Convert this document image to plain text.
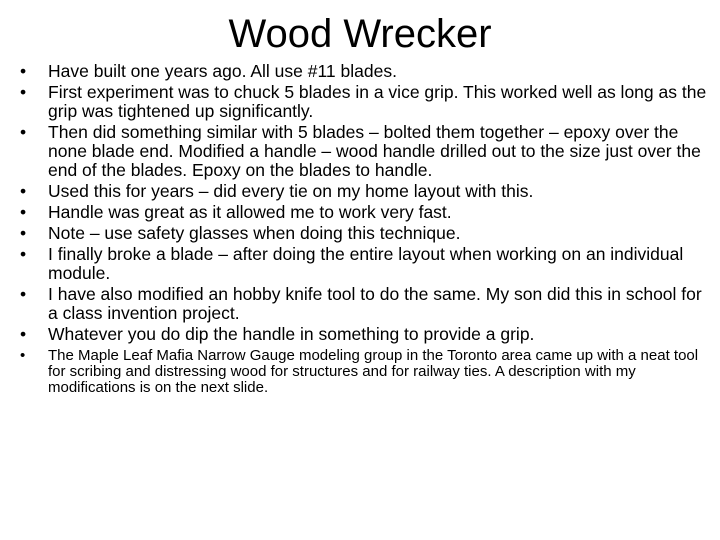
Wood Wrecker
•	Have built one years ago. All use #11 blades.
•	First experiment was to chuck 5 blades in a vice grip. This worked well as long as the grip was tightened up significantly.
•	Then did something similar with 5 blades – bolted them together – epoxy over the none blade end. Modified a handle – wood handle drilled out to the size just over the end of the blades. Epoxy on the blades to handle.
•	Used this for years – did every tie on my home layout with this.
•	Handle was great as it allowed me to work very fast.
•	Note – use safety glasses when doing this technique.
•	I finally broke a blade – after doing the entire layout when working on an individual module.
•	I have also modified an hobby knife tool to do the same. My son did this in school for a class invention project.
•	Whatever you do dip the handle in something to provide a grip.
•	The Maple Leaf Mafia Narrow Gauge modeling group in the Toronto area came up with a neat tool for scribing and distressing wood for structures and for railway ties. A description with my modifications is on the next slide.
